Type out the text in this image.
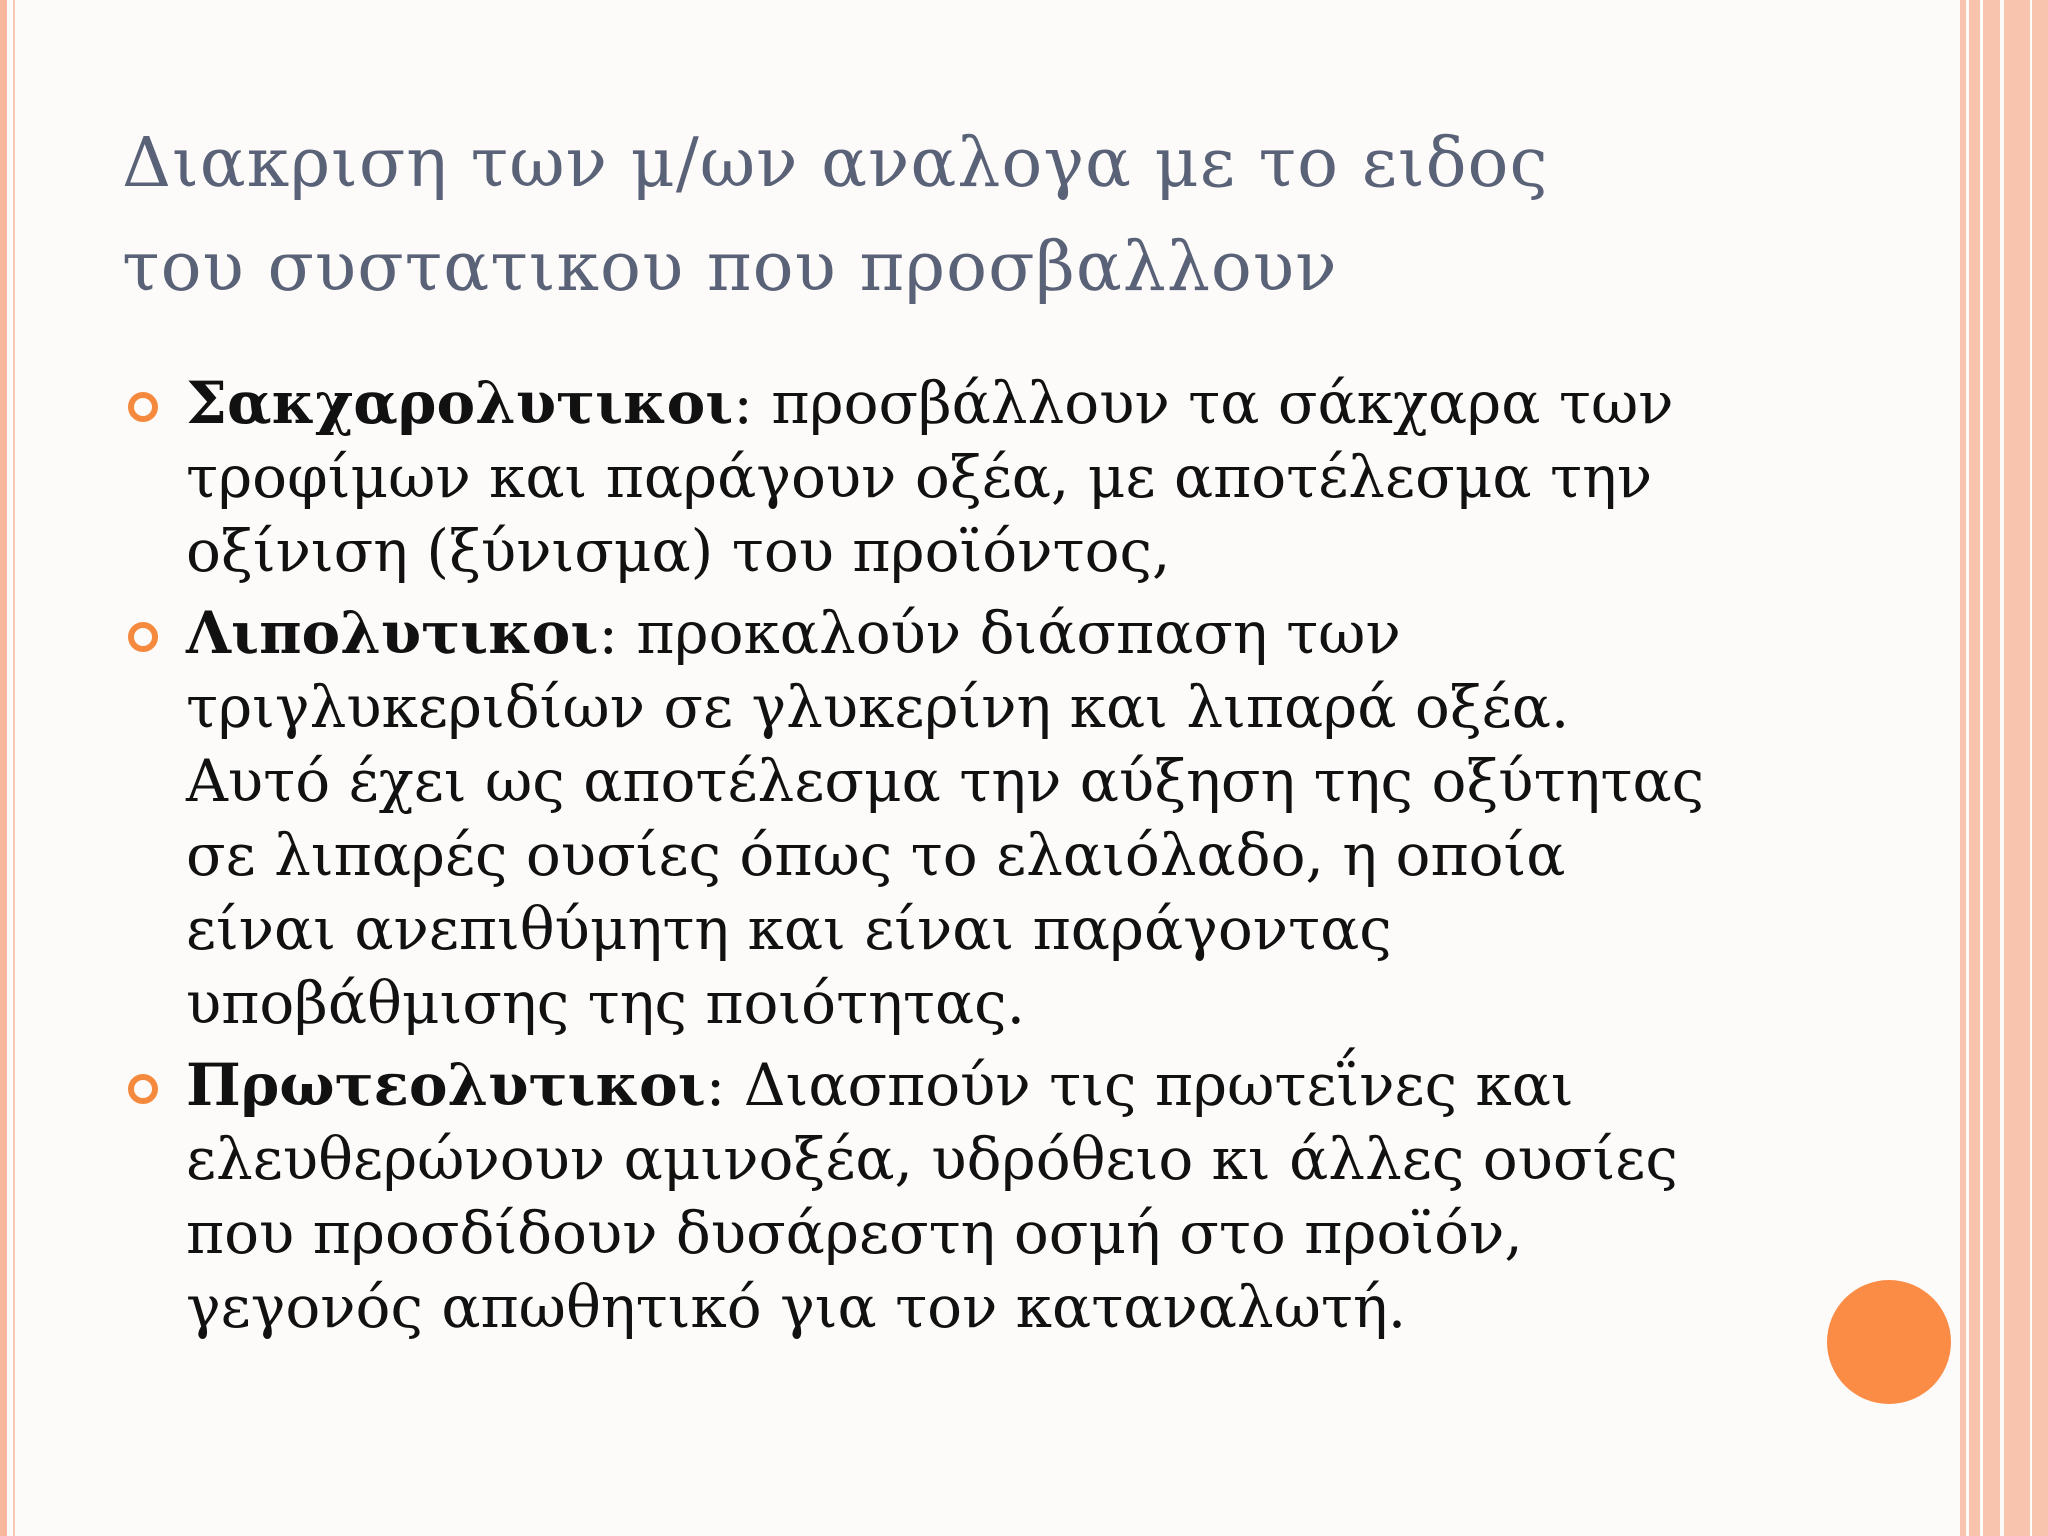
Διακριση των μ/ων αναλογα με το ειδος
του συστατικου που προσβαλλουν
Σακχαρολυτικοι: προσβάλλουν τα σάκχαρα των
τροφίμων και παράγουν οξέα, με αποτέλεσμα την
οξίνιση (ξύνισμα) του προϊόντος,
Λιπολυτικοι: προκαλούν διάσπαση των
τριγλυκεριδίων σε γλυκερίνη και λιπαρά οξέα.
Αυτό έχει ως αποτέλεσμα την αύξηση της οξύτητας
σε λιπαρές ουσίες όπως το ελαιόλαδο, η οποία
είναι ανεπιθύμητη και είναι παράγοντας
υποβάθμισης της ποιότητας.
Πρωτεολυτικοι: Διασπούν τις πρωτεΐνες και
ελευθερώνουν αμινοξέα, υδρόθειο κι άλλες ουσίες
που προσδίδουν δυσάρεστη οσμή στο προϊόν,
γεγονός απωθητικό για τον καταναλωτή.
